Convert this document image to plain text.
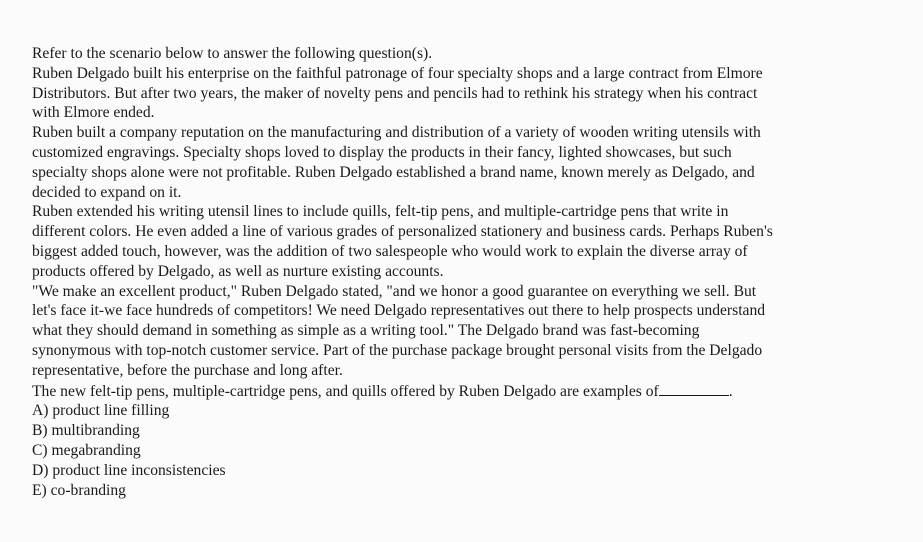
Refer to the scenario below to answer the following question(s).

Ruben Delgado built his enterprise on the faithful patronage of four specialty shops and a large contract from Elmore

Distributors. But after two years, the maker of novelty pens and pencils had to rethink his strategy when his contract

with Elmore ended.

Ruben built a company reputation on the manufacturing and distribution of a variety of wooden writing utensils with

customized engravings. Specialty shops loved to display the products in their fancy, lighted showcases, but such

specialty shops alone were not profitable. Ruben Delgado established a brand name, known merely as Delgado, and

decided to expand on it.

Ruben extended his writing utensil lines to include quills, felt-tip pens, and multiple-cartridge pens that write in

different colors. He even added a line of various grades of personalized stationery and business cards. Perhaps Ruben's

biggest added touch, however, was the addition of two salespeople who would work to explain the diverse array of

products offered by Delgado, as well as nurture existing accounts.

"We make an excellent product," Ruben Delgado stated, "and we honor a good guarantee on everything we sell. But

let's face it-we face hundreds of competitors! We need Delgado representatives out there to help prospects understand

what they should demand in something as simple as a writing tool." The Delgado brand was fast-becoming

synonymous with top-notch customer service. Part of the purchase package brought personal visits from the Delgado

representative, before the purchase and long after.

The new felt-tip pens, multiple-cartridge pens, and quills offered by Ruben Delgado are examples of	.

A) product line filling

B) multibranding

C) megabranding

D) product line inconsistencies

E) co-branding
